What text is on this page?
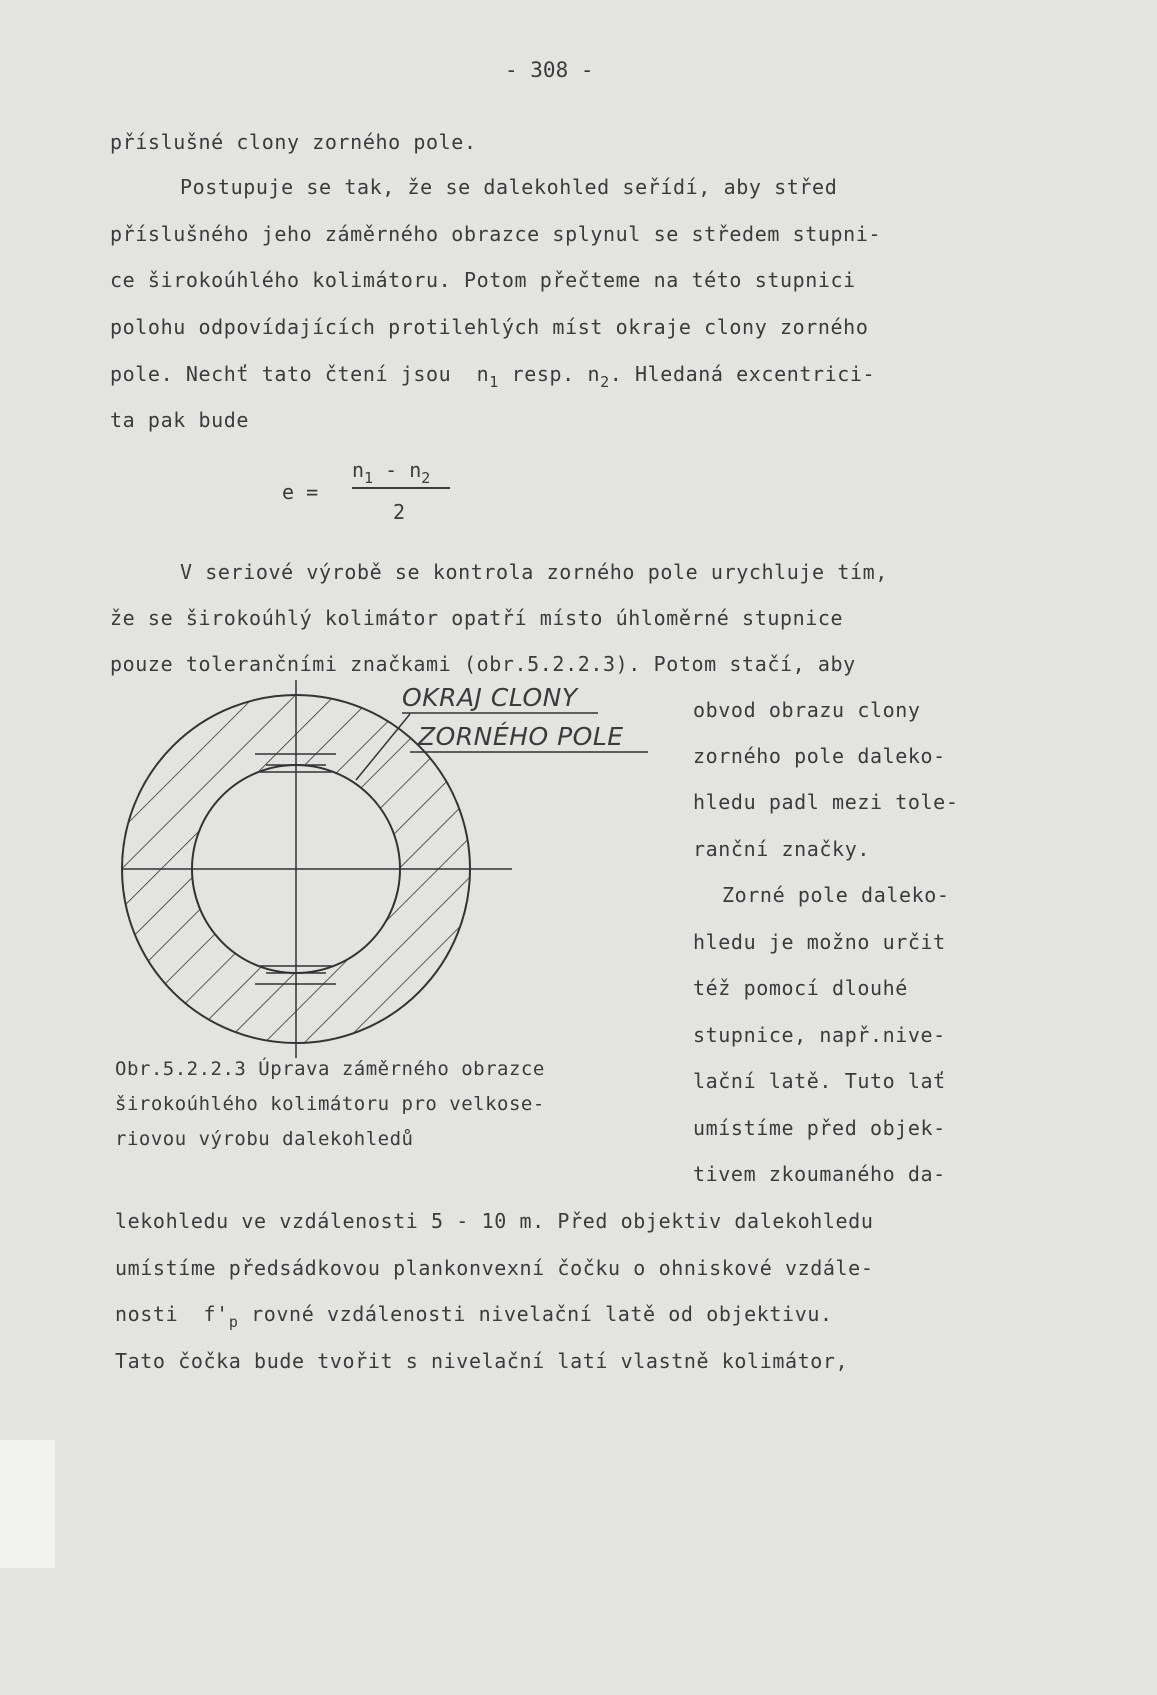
- 308 -
příslušné clony zorného pole.
Postupuje se tak, že se dalekohled seřídí, aby střed
příslušného jeho záměrného obrazce splynul se středem stupni-
ce širokoúhlého kolimátoru. Potom přečteme na této stupnici
polohu odpovídajících protilehlých míst okraje clony zorného
pole. Nechť tato čtení jsou $n_1$ resp. $n_2$. Hledaná excentrici-
ta pak bude
e =
$n_1 - n_2$
2
V seriové výrobě se kontrola zorného pole urychluje tím,
že se širokoúhlý kolimátor opatří místo úhloměrné stupnice
pouze tolerančními značkami (obr.5.2.2.3). Potom stačí, aby
OKRAJ CLONY
ZORNÉHO POLE
obvod obrazu clony
zorného pole daleko-
hledu padl mezi tole-
ranční značky.
Zorné pole daleko-
hledu je možno určit
též pomocí dlouhé
stupnice, např.nive-
lační latě. Tuto lať
umístíme před objek-
tivem zkoumaného da-
Obr.5.2.2.3 Úprava záměrného obrazce
širokoúhlého kolimátoru pro velkose-
riovou výrobu dalekohledů
lekohledu ve vzdálenosti 5 - 10 m. Před objektiv dalekohledu
umístíme předsádkovou plankonvexní čočku o ohniskové vzdále-
nosti $f'_p$ rovné vzdálenosti nivelační latě od objektivu.
Tato čočka bude tvořit s nivelační latí vlastně kolimátor,
